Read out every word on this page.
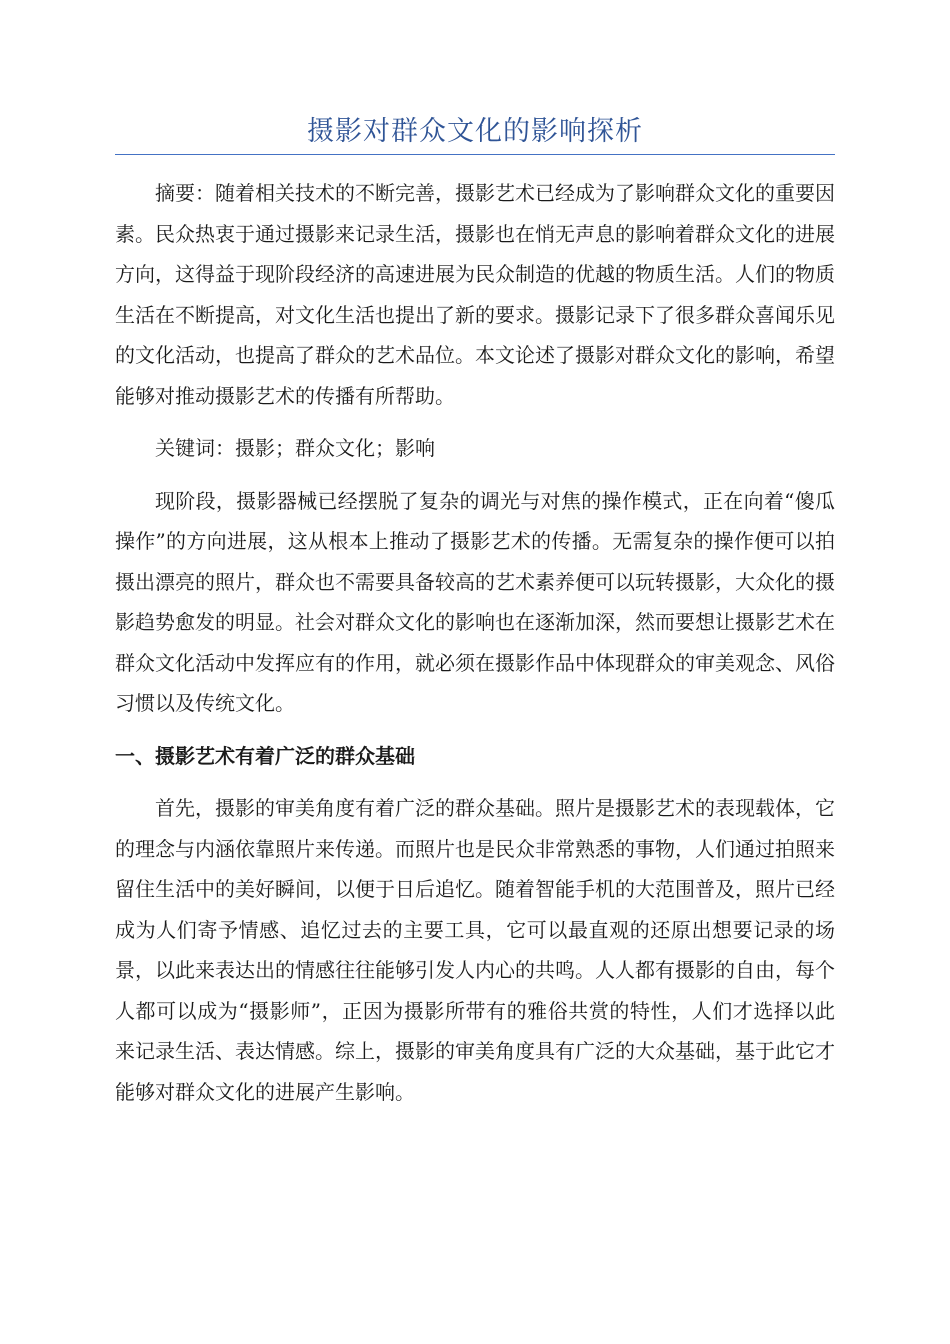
摄影对群众文化的影响探析

摘要：随着相关技术的不断完善，摄影艺术已经成为了影响群众文化的重要因素。民众热衷于通过摄影来记录生活，摄影也在悄无声息的影响着群众文化的进展方向，这得益于现阶段经济的高速进展为民众制造的优越的物质生活。人们的物质生活在不断提高，对文化生活也提出了新的要求。摄影记录下了很多群众喜闻乐见的文化活动，也提高了群众的艺术品位。本文论述了摄影对群众文化的影响，希望能够对推动摄影艺术的传播有所帮助。

关键词：摄影；群众文化；影响

现阶段，摄影器械已经摆脱了复杂的调光与对焦的操作模式，正在向着“傻瓜操作”的方向进展，这从根本上推动了摄影艺术的传播。无需复杂的操作便可以拍摄出漂亮的照片，群众也不需要具备较高的艺术素养便可以玩转摄影，大众化的摄影趋势愈发的明显。社会对群众文化的影响也在逐渐加深，然而要想让摄影艺术在群众文化活动中发挥应有的作用，就必须在摄影作品中体现群众的审美观念、风俗习惯以及传统文化。

一、摄影艺术有着广泛的群众基础

首先，摄影的审美角度有着广泛的群众基础。照片是摄影艺术的表现载体，它的理念与内涵依靠照片来传递。而照片也是民众非常熟悉的事物，人们通过拍照来留住生活中的美好瞬间，以便于日后追忆。随着智能手机的大范围普及，照片已经成为人们寄予情感、追忆过去的主要工具，它可以最直观的还原出想要记录的场景，以此来表达出的情感往往能够引发人内心的共鸣。人人都有摄影的自由，每个人都可以成为“摄影师”，正因为摄影所带有的雅俗共赏的特性，人们才选择以此来记录生活、表达情感。综上，摄影的审美角度具有广泛的大众基础，基于此它才能够对群众文化的进展产生影响。
